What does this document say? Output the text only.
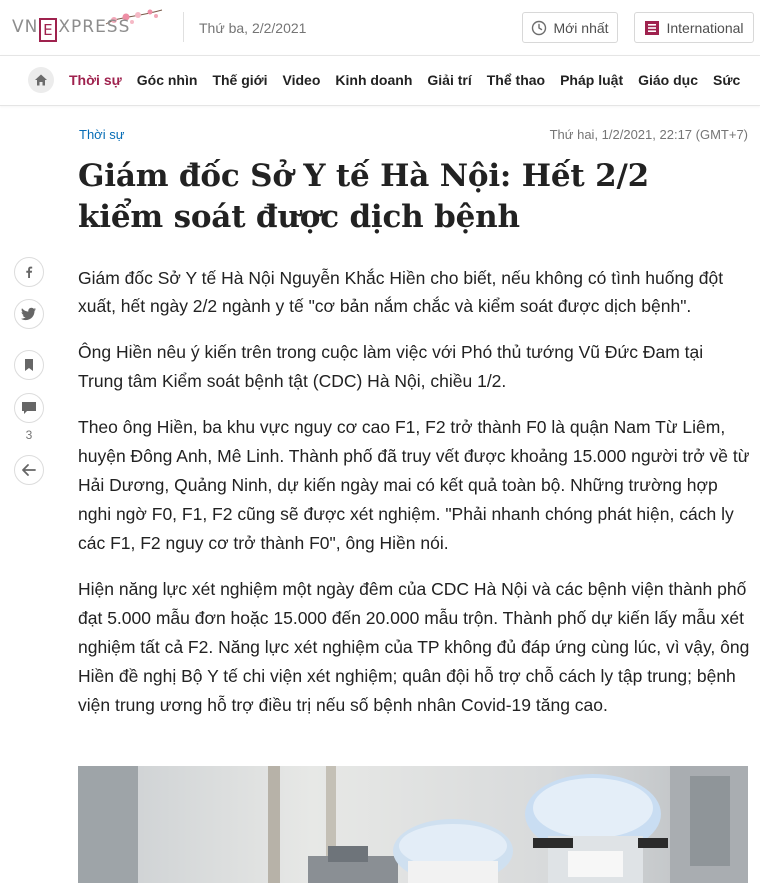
VN E XPRESS	Thứ ba, 2/2/2021	Mới nhất	International
Thời sự Góc nhìn Thế giới Video Kinh doanh Giải trí Thể thao Pháp luật Giáo dục Sức
Thời sự	Thứ hai, 1/2/2021, 22:17 (GMT+7)
Giám đốc Sở Y tế Hà Nội: Hết 2/2 kiểm soát được dịch bệnh

Giám đốc Sở Y tế Hà Nội Nguyễn Khắc Hiền cho biết, nếu không có tình huống đột xuất, hết ngày 2/2 ngành y tế "cơ bản nắm chắc và kiểm soát được dịch bệnh".

Ông Hiền nêu ý kiến trên trong cuộc làm việc với Phó thủ tướng Vũ Đức Đam tại Trung tâm Kiểm soát bệnh tật (CDC) Hà Nội, chiều 1/2.

Theo ông Hiền, ba khu vực nguy cơ cao F1, F2 trở thành F0 là quận Nam Từ Liêm, huyện Đông Anh, Mê Linh. Thành phố đã truy vết được khoảng 15.000 người trở về từ Hải Dương, Quảng Ninh, dự kiến ngày mai có kết quả toàn bộ. Những trường hợp nghi ngờ F0, F1, F2 cũng sẽ được xét nghiệm. "Phải nhanh chóng phát hiện, cách ly các F1, F2 nguy cơ trở thành F0", ông Hiền nói.

Hiện năng lực xét nghiệm một ngày đêm của CDC Hà Nội và các bệnh viện thành phố đạt 5.000 mẫu đơn hoặc 15.000 đến 20.000 mẫu trộn. Thành phố dự kiến lấy mẫu xét nghiệm tất cả F2. Năng lực xét nghiệm của TP không đủ đáp ứng cùng lúc, vì vậy, ông Hiền đề nghị Bộ Y tế chi viện xét nghiệm; quân đội hỗ trợ chỗ cách ly tập trung; bệnh viện trung ương hỗ trợ điều trị nếu số bệnh nhân Covid-19 tăng cao.

3
